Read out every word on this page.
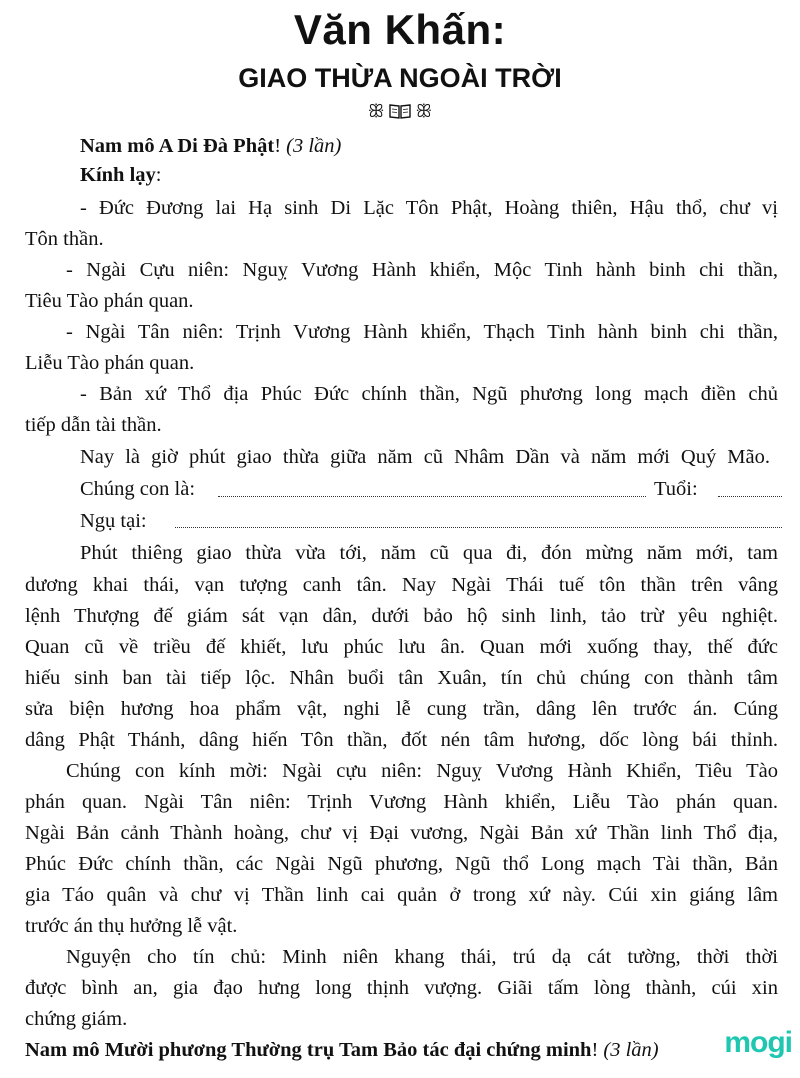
Văn Khấn:
GIAO THỪA NGOÀI TRỜI
ꕥ ꕥ
Nam mô A Di Đà Phật! (3 lần)
Kính lạy:
- Đức Đương lai Hạ sinh Di Lặc Tôn Phật, Hoàng thiên, Hậu thổ, chư vị
Tôn thần.
- Ngài Cựu niên: Nguỵ Vương Hành khiển, Mộc Tinh hành binh chi thần,
Tiêu Tào phán quan.
- Ngài Tân niên: Trịnh Vương Hành khiển, Thạch Tinh hành binh chi thần,
Liễu Tào phán quan.
- Bản xứ Thổ địa Phúc Đức chính thần, Ngũ phương long mạch điền chủ
tiếp dẫn tài thần.
Nay là giờ phút giao thừa giữa năm cũ Nhâm Dần và năm mới Quý Mão.
Chúng con là:	Tuổi:
Ngụ tại:
Phút thiêng giao thừa vừa tới, năm cũ qua đi, đón mừng năm mới, tam
dương khai thái, vạn tượng canh tân. Nay Ngài Thái tuế tôn thần trên vâng
lệnh Thượng đế giám sát vạn dân, dưới bảo hộ sinh linh, tảo trừ yêu nghiệt.
Quan cũ về triều đế khiết, lưu phúc lưu ân. Quan mới xuống thay, thế đức
hiếu sinh ban tài tiếp lộc. Nhân buổi tân Xuân, tín chủ chúng con thành tâm
sửa biện hương hoa phẩm vật, nghi lễ cung trần, dâng lên trước án. Cúng
dâng Phật Thánh, dâng hiến Tôn thần, đốt nén tâm hương, dốc lòng bái thỉnh.
Chúng con kính mời: Ngài cựu niên: Nguỵ Vương Hành Khiển, Tiêu Tào
phán quan. Ngài Tân niên: Trịnh Vương Hành khiển, Liễu Tào phán quan.
Ngài Bản cảnh Thành hoàng, chư vị Đại vương, Ngài Bản xứ Thần linh Thổ địa,
Phúc Đức chính thần, các Ngài Ngũ phương, Ngũ thổ Long mạch Tài thần, Bản
gia Táo quân và chư vị Thần linh cai quản ở trong xứ này. Cúi xin giáng lâm
trước án thụ hưởng lễ vật.
Nguyện cho tín chủ: Minh niên khang thái, trú dạ cát tường, thời thời
được bình an, gia đạo hưng long thịnh vượng. Giãi tấm lòng thành, cúi xin
chứng giám.
Nam mô Mười phương Thường trụ Tam Bảo tác đại chứng minh! (3 lần) mogi
